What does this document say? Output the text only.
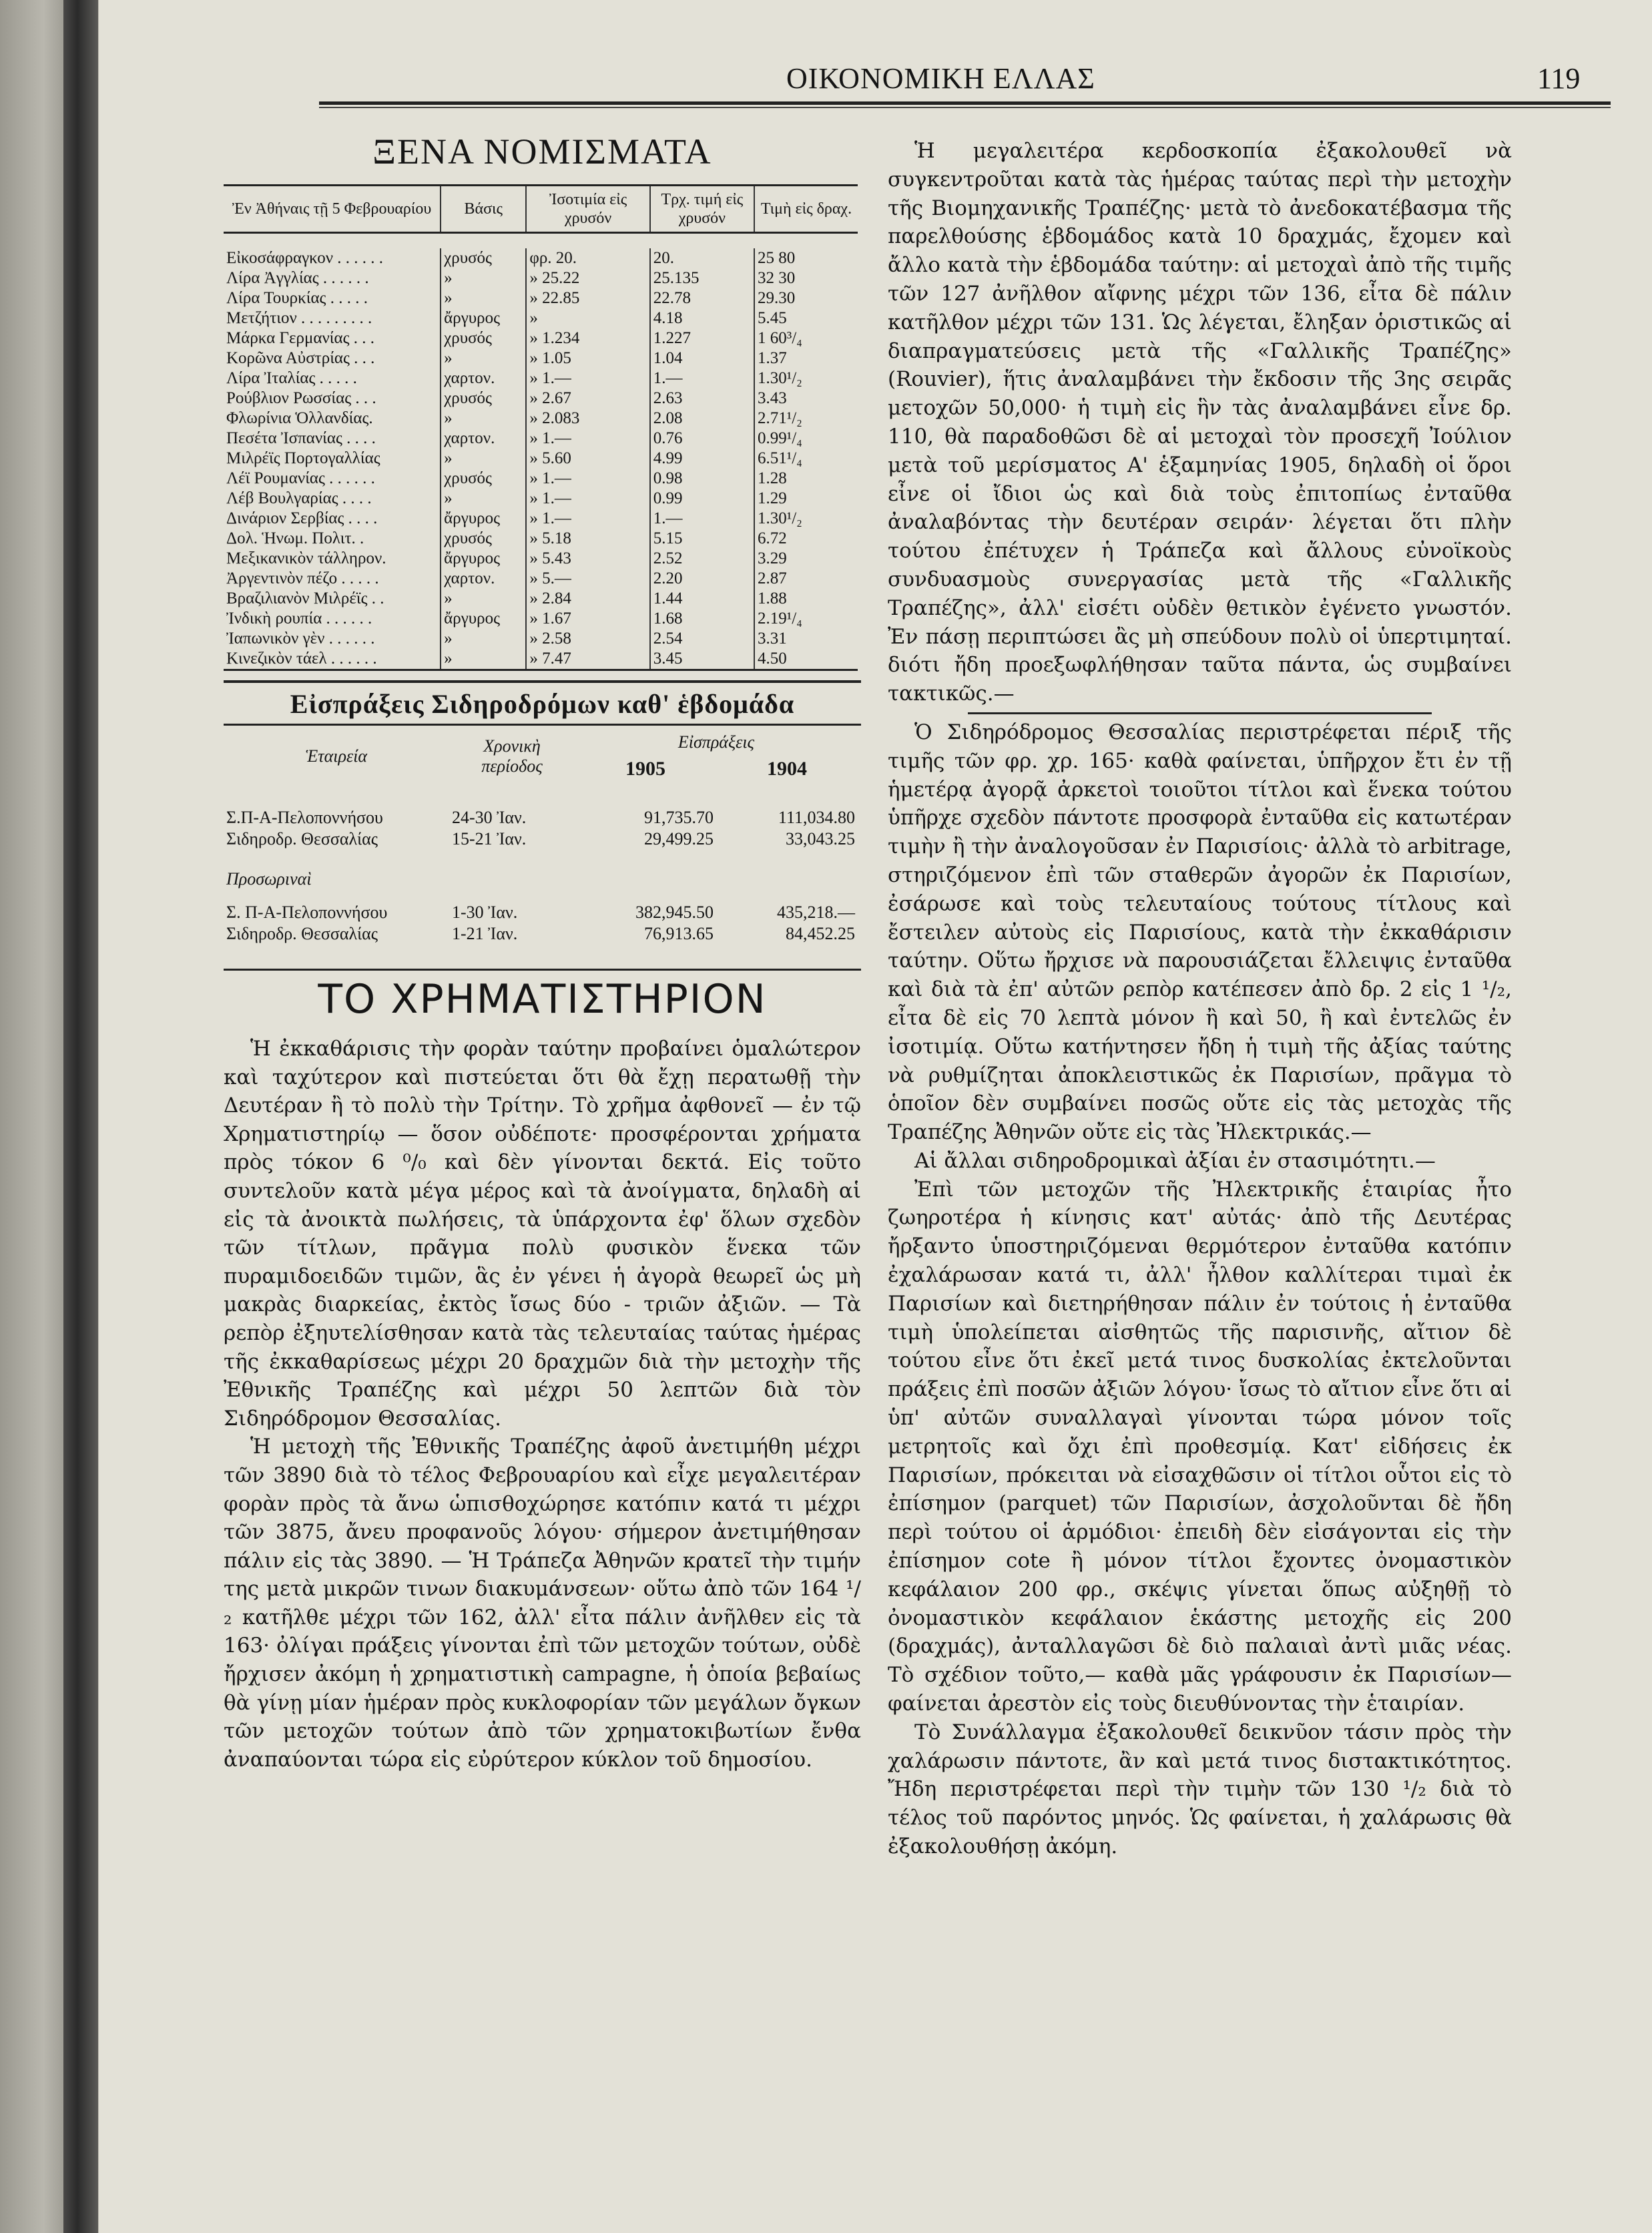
ΟΙΚΟΝΟΜΙΚΗ ΕΛΛΑΣ	119
ΞΕΝΑ ΝΟΜΙΣΜΑΤΑ
Ἐν Ἀθήναις τῇ 5 Φεβρουαρίου	Βάσις	Ἰσοτιμία εἰς χρυσόν	Τρχ. τιμή εἰς χρυσόν	Τιμὴ εἰς δραχ.

Εἰκοσάφραγκον . . . . . .	χρυσός	φρ. 20.	20.	25 80
Λίρα Ἀγγλίας . . . . . .	»	» 25.22	25.135	32 30
Λίρα Τουρκίας . . . . .	»	» 22.85	22.78	29.30
Μετζήτιον . . . . . . . . .	ἄργυρος	»	4.18	5.45
Μάρκα Γερμανίας . . .	χρυσός	» 1.234	1.227	1 60³/₄
Κορῶνα Αὐστρίας . . .	»	» 1.05	1.04	1.37
Λίρα Ἰταλίας . . . . .	χαρτον.	» 1.—	1.—	1.30¹/₂
Ρούβλιον Ρωσσίας . . .	χρυσός	» 2.67	2.63	3.43
Φλωρίνια Ὁλλανδίας.	»	» 2.083	2.08	2.71¹/₂
Πεσέτα Ἰσπανίας . . . .	χαρτον.	» 1.—	0.76	0.99¹/₄
Μιλρέϊς Πορτογαλλίας	»	» 5.60	4.99	6.51¹/₄
Λέϊ Ρουμανίας . . . . . .	χρυσός	» 1.—	0.98	1.28
Λέβ Βουλγαρίας . . . .	»	» 1.—	0.99	1.29
Δινάριον Σερβίας . . . .	ἄργυρος	» 1.—	1.—	1.30¹/₂
Δολ. Ἡνωμ. Πολιτ. .	χρυσός	» 5.18	5.15	6.72
Μεξικανικὸν τάλληρον.	ἄργυρος	» 5.43	2.52	3.29
Ἀργεντινὸν πέζο . . . . .	χαρτον.	» 5.—	2.20	2.87
Βραζιλιανὸν Μιλρέϊς . .	»	» 2.84	1.44	1.88
Ἰνδικὴ ρουπία . . . . . .	ἄργυρος	» 1.67	1.68	2.19¹/₄
Ἰαπωνικὸν γὲν . . . . . .	»	» 2.58	2.54	3.31
Κινεζικὸν τάελ . . . . . .	»	» 7.47	3.45	4.50
Εἰσπράξεις Σιδηροδρόμων καθ' ἑβδομάδα
Ἑταιρεία	Χρονικὴ περίοδος	Εἰσπράξεις	
		1905	1904

Σ.Π-Α-Πελοποννήσου	24-30 Ἰαν.	91,735.70	111,034.80
Σιδηροδρ. Θεσσαλίας	15-21 Ἰαν.	29,499.25	33,043.25
Προσωριναὶ			

Σ. Π-Α-Πελοποννήσου	1-30 Ἰαν.	382,945.50	435,218.—
Σιδηροδρ. Θεσσαλίας	1-21 Ἰαν.	76,913.65	84,452.25
ΤΟ ΧΡΗΜΑΤΙΣΤΗΡΙΟΝ

Ἡ ἐκκαθάρισις τὴν φορὰν ταύτην προβαίνει ὁμαλώτερον καὶ ταχύτερον καὶ πιστεύεται ὅτι θὰ ἔχῃ περατωθῇ τὴν Δευτέραν ἢ τὸ πολὺ τὴν Τρίτην. Τὸ χρῆμα ἀφθονεῖ — ἐν τῷ Χρηματιστηρίῳ — ὅσον οὐδέποτε· προσφέρονται χρήματα πρὸς τόκον 6 ⁰/₀ καὶ δὲν γίνονται δεκτά. Εἰς τοῦτο συντελοῦν κατὰ μέγα μέρος καὶ τὰ ἀνοίγματα, δηλαδὴ αἱ εἰς τὰ ἀνοικτὰ πωλήσεις, τὰ ὑπάρχοντα ἐφ' ὅλων σχεδὸν τῶν τίτλων, πρᾶγμα πολὺ φυσικὸν ἕνεκα τῶν πυραμιδοειδῶν τιμῶν, ἃς ἐν γένει ἡ ἀγορὰ θεωρεῖ ὡς μὴ μακρὰς διαρκείας, ἐκτὸς ἴσως δύο - τριῶν ἀξιῶν. — Τὰ ρεπὸρ ἐξηυτελίσθησαν κατὰ τὰς τελευταίας ταύτας ἡμέρας τῆς ἐκκαθαρίσεως μέχρι 20 δραχμῶν διὰ τὴν μετοχὴν τῆς Ἐθνικῆς Τραπέζης καὶ μέχρι 50 λεπτῶν διὰ τὸν Σιδηρόδρομον Θεσσαλίας.

Ἡ μετοχὴ τῆς Ἐθνικῆς Τραπέζης ἀφοῦ ἀνετιμήθη μέχρι τῶν 3890 διὰ τὸ τέλος Φεβρουαρίου καὶ εἶχε μεγαλειτέραν φορὰν πρὸς τὰ ἄνω ὡπισθοχώρησε κατόπιν κατά τι μέχρι τῶν 3875, ἄνευ προφανοῦς λόγου· σήμερον ἀνετιμήθησαν πάλιν εἰς τὰς 3890. — Ἡ Τράπεζα Ἀθηνῶν κρατεῖ τὴν τιμήν της μετὰ μικρῶν τινων διακυμάνσεων· οὕτω ἀπὸ τῶν 164 ¹/₂ κατῆλθε μέχρι τῶν 162, ἀλλ' εἶτα πάλιν ἀνῆλθεν εἰς τὰ 163· ὀλίγαι πράξεις γίνονται ἐπὶ τῶν μετοχῶν τούτων, οὐδὲ ἤρχισεν ἀκόμη ἡ χρηματιστικὴ campagne, ἡ ὁποία βεβαίως θὰ γίνῃ μίαν ἡμέραν πρὸς κυκλοφορίαν τῶν μεγάλων ὄγκων τῶν μετοχῶν τούτων ἀπὸ τῶν χρηματοκιβωτίων ἔνθα ἀναπαύονται τώρα εἰς εὐρύτερον κύκλον τοῦ δημοσίου.

Ἡ μεγαλειτέρα κερδοσκοπία ἐξακολουθεῖ νὰ συγκεντροῦται κατὰ τὰς ἡμέρας ταύτας περὶ τὴν μετοχὴν τῆς Βιομηχανικῆς Τραπέζης· μετὰ τὸ ἀνεδοκατέβασμα τῆς παρελθούσης ἑβδομάδος κατὰ 10 δραχμάς, ἔχομεν καὶ ἄλλο κατὰ τὴν ἑβδομάδα ταύτην: αἱ μετοχαὶ ἀπὸ τῆς τιμῆς τῶν 127 ἀνῆλθον αἴφνης μέχρι τῶν 136, εἶτα δὲ πάλιν κατῆλθον μέχρι τῶν 131. Ὡς λέγεται, ἔληξαν ὁριστικῶς αἱ διαπραγματεύσεις μετὰ τῆς «Γαλλικῆς Τραπέζης» (Rouvier), ἥτις ἀναλαμβάνει τὴν ἔκδοσιν τῆς 3ης σειρᾶς μετοχῶν 50,000· ἡ τιμὴ εἰς ἣν τὰς ἀναλαμβάνει εἶνε δρ. 110, θὰ παραδοθῶσι δὲ αἱ μετοχαὶ τὸν προσεχῆ Ἰούλιον μετὰ τοῦ μερίσματος Α' ἑξαμηνίας 1905, δηλαδὴ οἱ ὅροι εἶνε οἱ ἴδιοι ὡς καὶ διὰ τοὺς ἐπιτοπίως ἐνταῦθα ἀναλαβόντας τὴν δευτέραν σειράν· λέγεται ὅτι πλὴν τούτου ἐπέτυχεν ἡ Τράπεζα καὶ ἄλλους εὐνοϊκοὺς συνδυασμοὺς συνεργασίας μετὰ τῆς «Γαλλικῆς Τραπέζης», ἀλλ' εἰσέτι οὐδὲν θετικὸν ἐγένετο γνωστόν. Ἐν πάσῃ περιπτώσει ἂς μὴ σπεύδουν πολὺ οἱ ὑπερτιμηταί. διότι ἤδη προεξωφλήθησαν ταῦτα πάντα, ὡς συμβαίνει τακτικῶς.—

Ὁ Σιδηρόδρομος Θεσσαλίας περιστρέφεται πέριξ τῆς τιμῆς τῶν φρ. χρ. 165· καθὰ φαίνεται, ὑπῆρχον ἔτι ἐν τῇ ἡμετέρᾳ ἀγορᾷ ἀρκετοὶ τοιοῦτοι τίτλοι καὶ ἕνεκα τούτου ὑπῆρχε σχεδὸν πάντοτε προσφορὰ ἐνταῦθα εἰς κατωτέραν τιμὴν ἢ τὴν ἀναλογοῦσαν ἐν Παρισίοις· ἀλλὰ τὸ arbitrage, στηριζόμενον ἐπὶ τῶν σταθερῶν ἀγορῶν ἐκ Παρισίων, ἐσάρωσε καὶ τοὺς τελευταίους τούτους τίτλους καὶ ἔστειλεν αὐτοὺς εἰς Παρισίους, κατὰ τὴν ἐκκαθάρισιν ταύτην. Οὕτω ἤρχισε νὰ παρουσιάζεται ἔλλειψις ἐνταῦθα καὶ διὰ τὰ ἐπ' αὐτῶν ρεπὸρ κατέπεσεν ἀπὸ δρ. 2 εἰς 1 ¹/₂, εἶτα δὲ εἰς 70 λεπτὰ μόνον ἢ καὶ 50, ἢ καὶ ἐντελῶς ἐν ἰσοτιμίᾳ. Οὕτω κατήντησεν ἤδη ἡ τιμὴ τῆς ἀξίας ταύτης νὰ ρυθμίζηται ἀποκλειστικῶς ἐκ Παρισίων, πρᾶγμα τὸ ὁποῖον δὲν συμβαίνει ποσῶς οὔτε εἰς τὰς μετοχὰς τῆς Τραπέζης Ἀθηνῶν οὔτε εἰς τὰς Ἠλεκτρικάς.—

Αἱ ἄλλαι σιδηροδρομικαὶ ἀξίαι ἐν στασιμότητι.—

Ἐπὶ τῶν μετοχῶν τῆς Ἠλεκτρικῆς ἑταιρίας ἦτο ζωηροτέρα ἡ κίνησις κατ' αὐτάς· ἀπὸ τῆς Δευτέρας ἤρξαντο ὑποστηριζόμεναι θερμότερον ἐνταῦθα κατόπιν ἐχαλάρωσαν κατά τι, ἀλλ' ἦλθον καλλίτεραι τιμαὶ ἐκ Παρισίων καὶ διετηρήθησαν πάλιν ἐν τούτοις ἡ ἐνταῦθα τιμὴ ὑπολείπεται αἰσθητῶς τῆς παρισινῆς, αἴτιον δὲ τούτου εἶνε ὅτι ἐκεῖ μετά τινος δυσκολίας ἐκτελοῦνται πράξεις ἐπὶ ποσῶν ἀξιῶν λόγου· ἴσως τὸ αἴτιον εἶνε ὅτι αἱ ὑπ' αὐτῶν συναλλαγαὶ γίνονται τώρα μόνον τοῖς μετρητοῖς καὶ ὄχι ἐπὶ προθεσμίᾳ. Κατ' εἰδήσεις ἐκ Παρισίων, πρόκειται νὰ εἰσαχθῶσιν οἱ τίτλοι οὗτοι εἰς τὸ ἐπίσημον (parquet) τῶν Παρισίων, ἀσχολοῦνται δὲ ἤδη περὶ τούτου οἱ ἁρμόδιοι· ἐπειδὴ δὲν εἰσάγονται εἰς τὴν ἐπίσημον cote ἢ μόνον τίτλοι ἔχοντες ὀνομαστικὸν κεφάλαιον 200 φρ., σκέψις γίνεται ὅπως αὐξηθῇ τὸ ὀνομαστικὸν κεφάλαιον ἑκάστης μετοχῆς εἰς 200 (δραχμάς), ἀνταλλαγῶσι δὲ διὸ παλαιαὶ ἀντὶ μιᾶς νέας. Τὸ σχέδιον τοῦτο,— καθὰ μᾶς γράφουσιν ἐκ Παρισίων— φαίνεται ἀρεστὸν εἰς τοὺς διευθύνοντας τὴν ἑταιρίαν.

Τὸ Συνάλλαγμα ἐξακολουθεῖ δεικνῦον τάσιν πρὸς τὴν χαλάρωσιν πάντοτε, ἂν καὶ μετά τινος διστακτικότητος. Ἤδη περιστρέφεται περὶ τὴν τιμὴν τῶν 130 ¹/₂ διὰ τὸ τέλος τοῦ παρόντος μηνός. Ὡς φαίνεται, ἡ χαλάρωσις θὰ ἐξακολουθήσῃ ἀκόμη.
